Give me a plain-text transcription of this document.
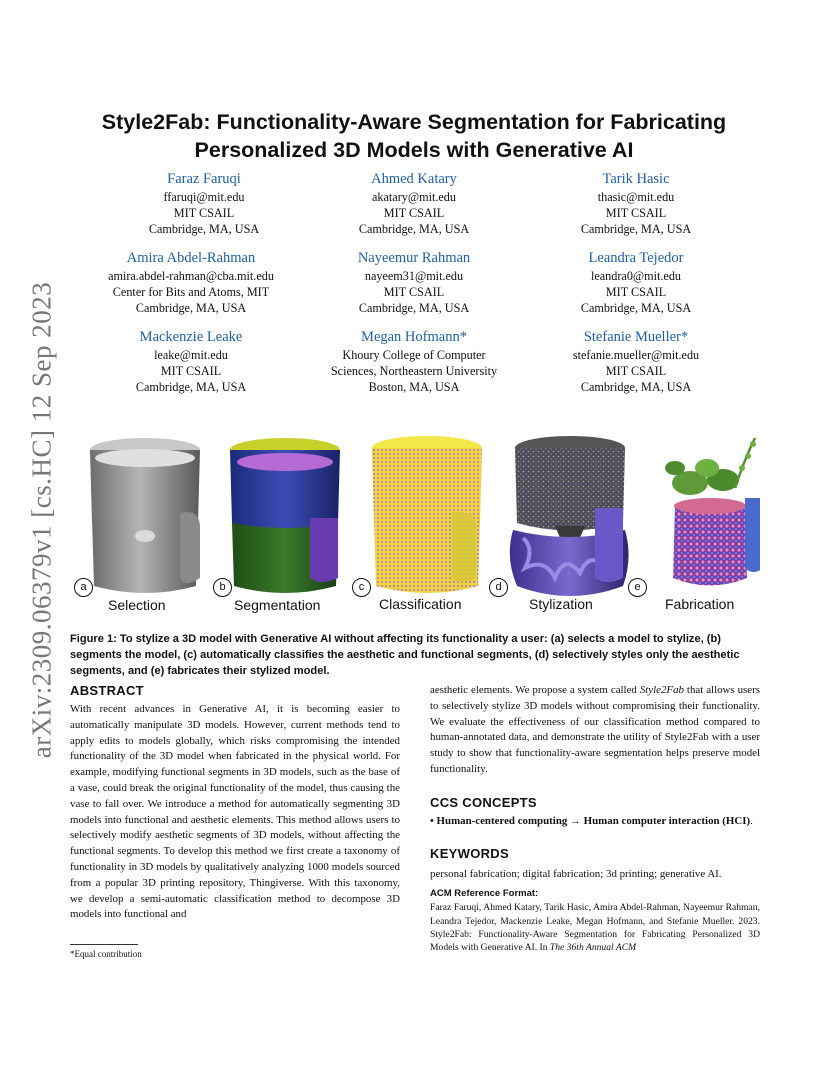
arXiv:2309.06379v1 [cs.HC] 12 Sep 2023
Style2Fab: Functionality-Aware Segmentation for Fabricating
Personalized 3D Models with Generative AI
Faraz Faruqi
ffaruqi@mit.edu
MIT CSAIL
Cambridge, MA, USA
Ahmed Katary
akatary@mit.edu
MIT CSAIL
Cambridge, MA, USA
Tarik Hasic
thasic@mit.edu
MIT CSAIL
Cambridge, MA, USA
Amira Abdel-Rahman
amira.abdel-rahman@cba.mit.edu
Center for Bits and Atoms, MIT
Cambridge, MA, USA
Nayeemur Rahman
nayeem31@mit.edu
MIT CSAIL
Cambridge, MA, USA
Leandra Tejedor
leandra0@mit.edu
MIT CSAIL
Cambridge, MA, USA
Mackenzie Leake
leake@mit.edu
MIT CSAIL
Cambridge, MA, USA
Megan Hofmann*
Khoury College of Computer
Sciences, Northeastern University
Boston, MA, USA
Stefanie Mueller*
stefanie.mueller@mit.edu
MIT CSAIL
Cambridge, MA, USA
a
Selection
b
Segmentation
c
Classification
d
Stylization
e
Fabrication
Figure 1: To stylize a 3D model with Generative AI without affecting its functionality a user: (a) selects a model to stylize, (b) segments the model, (c) automatically classifies the aesthetic and functional segments, (d) selectively styles only the aesthetic segments, and (e) fabricates their stylized model.
ABSTRACT
With recent advances in Generative AI, it is becoming easier to automatically manipulate 3D models. However, current methods tend to apply edits to models globally, which risks compromising the intended functionality of the 3D model when fabricated in the physical world. For example, modifying functional segments in 3D models, such as the base of a vase, could break the original functionality of the model, thus causing the vase to fall over. We introduce a method for automatically segmenting 3D models into functional and aesthetic elements. This method allows users to selectively modify aesthetic segments of 3D models, without affecting the functional segments. To develop this method we first create a taxonomy of functionality in 3D models by qualitatively analyzing 1000 models sourced from a popular 3D printing repository, Thingiverse. With this taxonomy, we develop a semi-automatic classification method to decompose 3D models into functional and
aesthetic elements. We propose a system called Style2Fab that allows users to selectively stylize 3D models without compromising their functionality. We evaluate the effectiveness of our classification method compared to human-annotated data, and demonstrate the utility of Style2Fab with a user study to show that functionality-aware segmentation helps preserve model functionality.
CCS CONCEPTS
• Human-centered computing → Human computer interaction (HCI).
KEYWORDS
personal fabrication; digital fabrication; 3d printing; generative AI.
ACM Reference Format:
Faraz Faruqi, Ahmed Katary, Tarik Hasic, Amira Abdel-Rahman, Nayeemur Rahman, Leandra Tejedor, Mackenzie Leake, Megan Hofmann, and Stefanie Mueller. 2023. Style2Fab: Functionality-Aware Segmentation for Fabricating Personalized 3D Models with Generative AI. In The 36th Annual ACM
*Equal contribution
